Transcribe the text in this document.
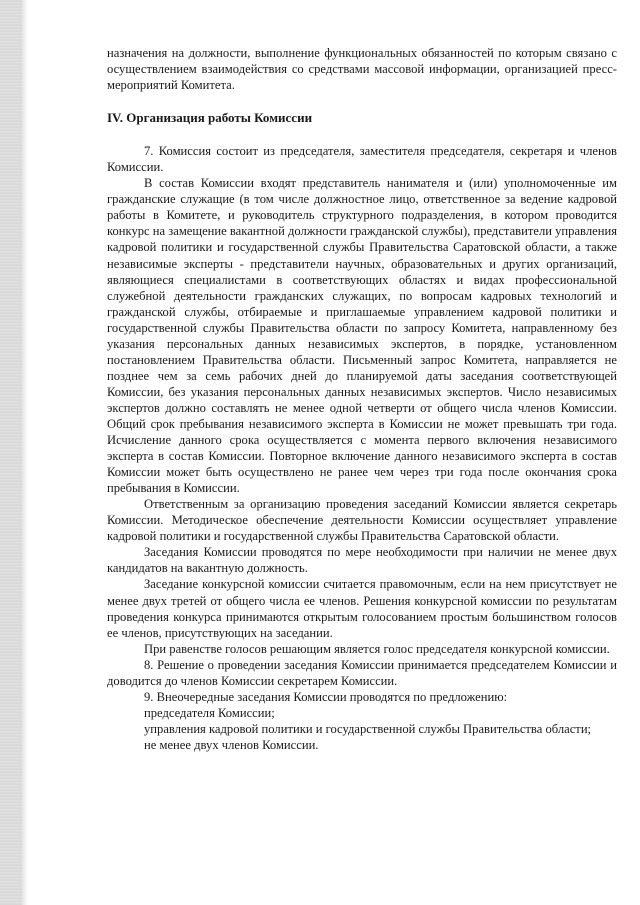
назначения на должности, выполнение функциональных обязанностей по которым связано с осуществлением взаимодействия со средствами массовой информации, организацией пресс-мероприятий Комитета.

IV. Организация работы Комиссии

7. Комиссия состоит из председателя, заместителя председателя, секретаря и членов Комиссии.

В состав Комиссии входят представитель нанимателя и (или) уполномоченные им гражданские служащие (в том числе должностное лицо, ответственное за ведение кадровой работы в Комитете, и руководитель структурного подразделения, в котором проводится конкурс на замещение вакантной должности гражданской службы), представители управления кадровой политики и государственной службы Правительства Саратовской области, а также независимые эксперты - представители научных, образовательных и других организаций, являющиеся специалистами в соответствующих областях и видах профессиональной служебной деятельности гражданских служащих, по вопросам кадровых технологий и гражданской службы, отбираемые и приглашаемые управлением кадровой политики и государственной службы Правительства области по запросу Комитета, направленному без указания персональных данных независимых экспертов, в порядке, установленном постановлением Правительства области. Письменный запрос Комитета, направляется не позднее чем за семь рабочих дней до планируемой даты заседания соответствующей Комиссии, без указания персональных данных независимых экспертов. Число независимых экспертов должно составлять не менее одной четверти от общего числа членов Комиссии. Общий срок пребывания независимого эксперта в Комиссии не может превышать три года. Исчисление данного срока осуществляется с момента первого включения независимого эксперта в состав Комиссии. Повторное включение данного независимого эксперта в состав Комиссии может быть осуществлено не ранее чем через три года после окончания срока пребывания в Комиссии.

Ответственным за организацию проведения заседаний Комиссии является секретарь Комиссии. Методическое обеспечение деятельности Комиссии осуществляет управление кадровой политики и государственной службы Правительства Саратовской области.

Заседания Комиссии проводятся по мере необходимости при наличии не менее двух кандидатов на вакантную должность.

Заседание конкурсной комиссии считается правомочным, если на нем присутствует не менее двух третей от общего числа ее членов. Решения конкурсной комиссии по результатам проведения конкурса принимаются открытым голосованием простым большинством голосов ее членов, присутствующих на заседании.

При равенстве голосов решающим является голос председателя конкурсной комиссии.

8. Решение о проведении заседания Комиссии принимается председателем Комиссии и доводится до членов Комиссии секретарем Комиссии.

9. Внеочередные заседания Комиссии проводятся по предложению:

председателя Комиссии;

управления кадровой политики и государственной службы Правительства области;

не менее двух членов Комиссии.
